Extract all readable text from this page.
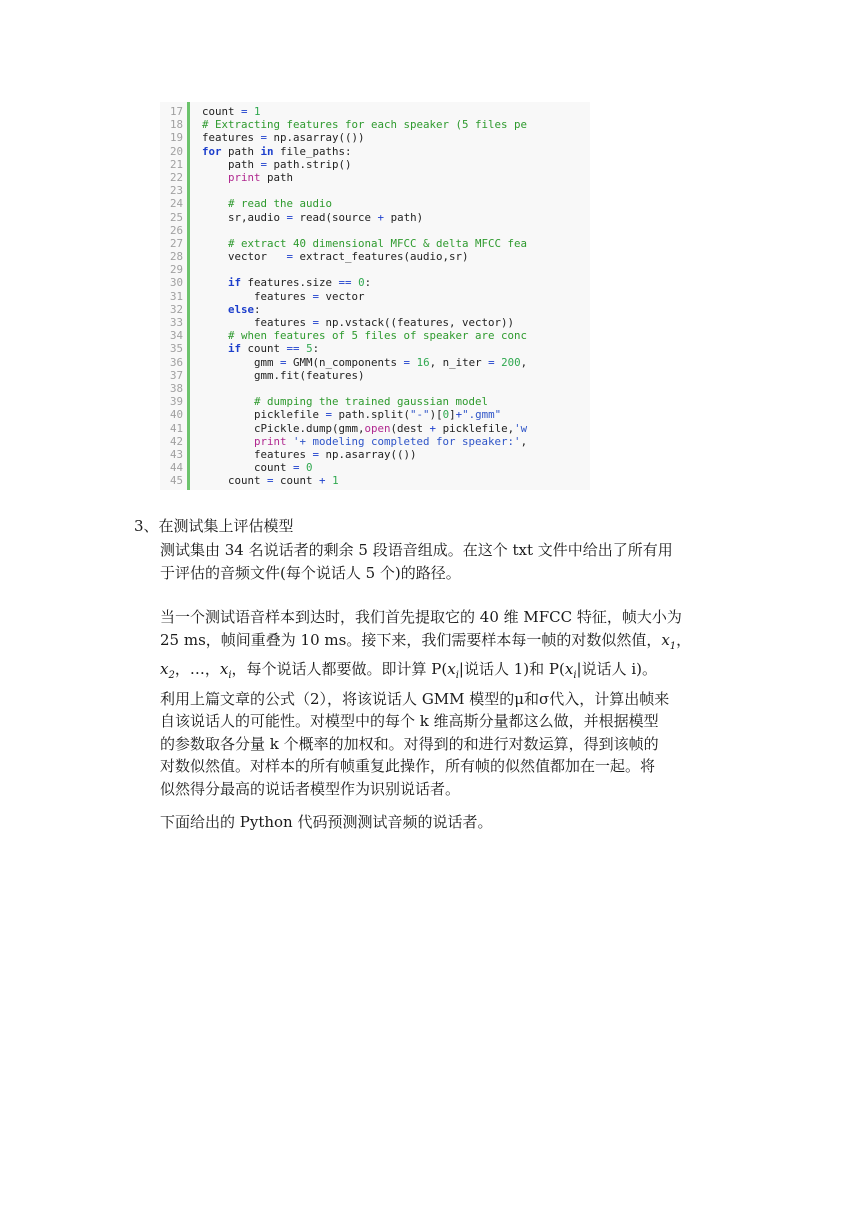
17
18
19
20
21
22
23
24
25
26
27
28
29
30
31
32
33
34
35
36
37
38
39
40
41
42
43
44
45
count = 1
# Extracting features for each speaker (5 files pe
features = np.asarray(())
for path in file_paths:
path = path.strip()
print path
# read the audio
sr,audio = read(source + path)
# extract 40 dimensional MFCC & delta MFCC fea
vector   = extract_features(audio,sr)
if features.size == 0:
features = vector
else:
features = np.vstack((features, vector))
# when features of 5 files of speaker are conc
if count == 5:
gmm = GMM(n_components = 16, n_iter = 200,
gmm.fit(features)
# dumping the trained gaussian model
picklefile = path.split("-")[0]+".gmm"
cPickle.dump(gmm,open(dest + picklefile,'w
print '+ modeling completed for speaker:',
features = np.asarray(())
count = 0
count = count + 1
3、在测试集上评估模型
测试集由 34 名说话者的剩余 5 段语音组成。在这个 txt 文件中给出了所有用
于评估的音频文件(每个说话人 5 个)的路径。
当一个测试语音样本到达时，我们首先提取它的 40 维 MFCC 特征，帧大小为
25 ms，帧间重叠为 10 ms。接下来，我们需要样本每一帧的对数似然值，$x_1$，
$x_2$，…，$x_i$，每个说话人都要做。即计算 $P(x_i|$说话人 1)和 $P(x_i|$说话人 i)。
利用上篇文章的公式（2），将该说话人 GMM 模型的μ和σ代入，计算出帧来
自该说话人的可能性。对模型中的每个 k 维高斯分量都这么做，并根据模型
的参数取各分量 k 个概率的加权和。对得到的和进行对数运算，得到该帧的
对数似然值。对样本的所有帧重复此操作，所有帧的似然值都加在一起。将
似然得分最高的说话者模型作为识别说话者。
下面给出的 Python 代码预测测试音频的说话者。
